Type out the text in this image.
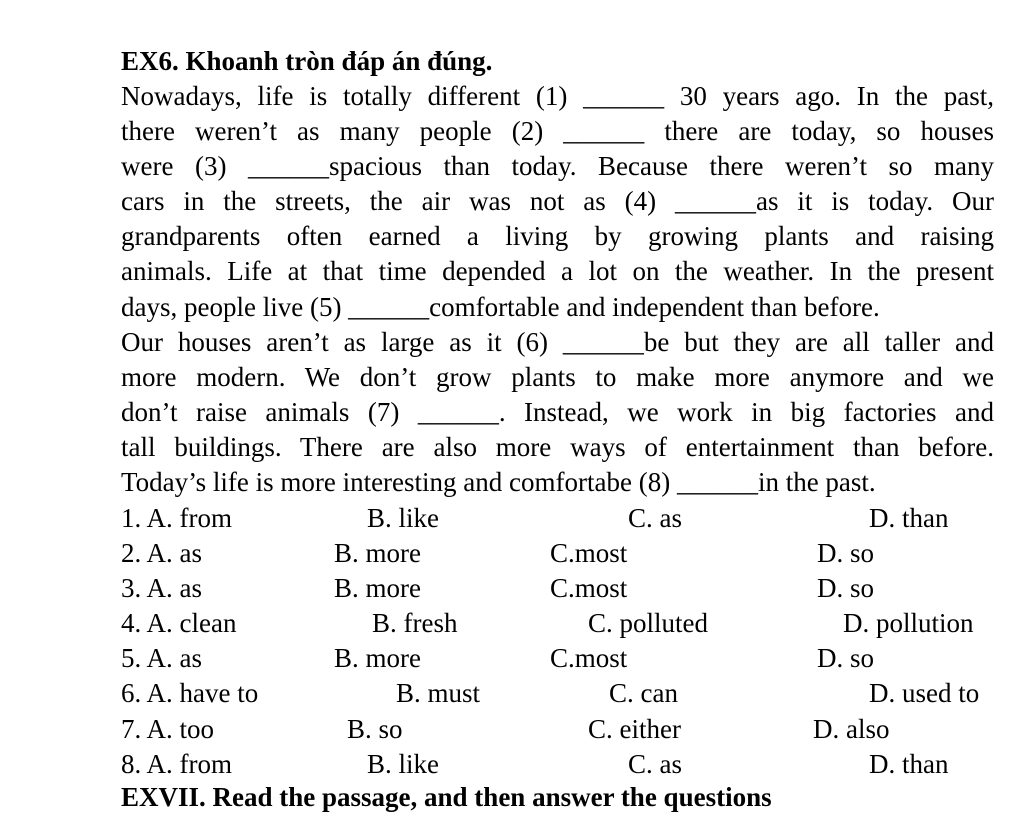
EX6. Khoanh tròn đáp án đúng.
Nowadays, life is totally different (1) ______ 30 years ago. In the past,
there weren’t as many people (2) ______ there are today, so houses
were (3) ______spacious than today. Because there weren’t so many
cars in the streets, the air was not as (4) ______as it is today. Our
grandparents often earned a living by growing plants and raising
animals. Life at that time depended a lot on the weather. In the present
days, people live (5) ______comfortable and independent than before.
Our houses aren’t as large as it (6) ______be but they are all taller and
more modern. We don’t grow plants to make more anymore and we
don’t raise animals (7) ______. Instead, we work in big factories and
tall buildings. There are also more ways of entertainment than before.
Today’s life is more interesting and comfortabe (8) ______in the past.
1. A. from	B. like	C. as	D. than
2. A. as	B. more	C.most	D. so
3. A. as	B. more	C.most	D. so
4. A. clean	B. fresh	C. polluted	D. pollution
5. A. as	B. more	C.most	D. so
6. A. have to	B. must	C. can	D. used to
7. A. too	B. so	C. either	D. also
8. A. from	B. like	C. as	D. than
EXVII. Read the passage, and then answer the questions
